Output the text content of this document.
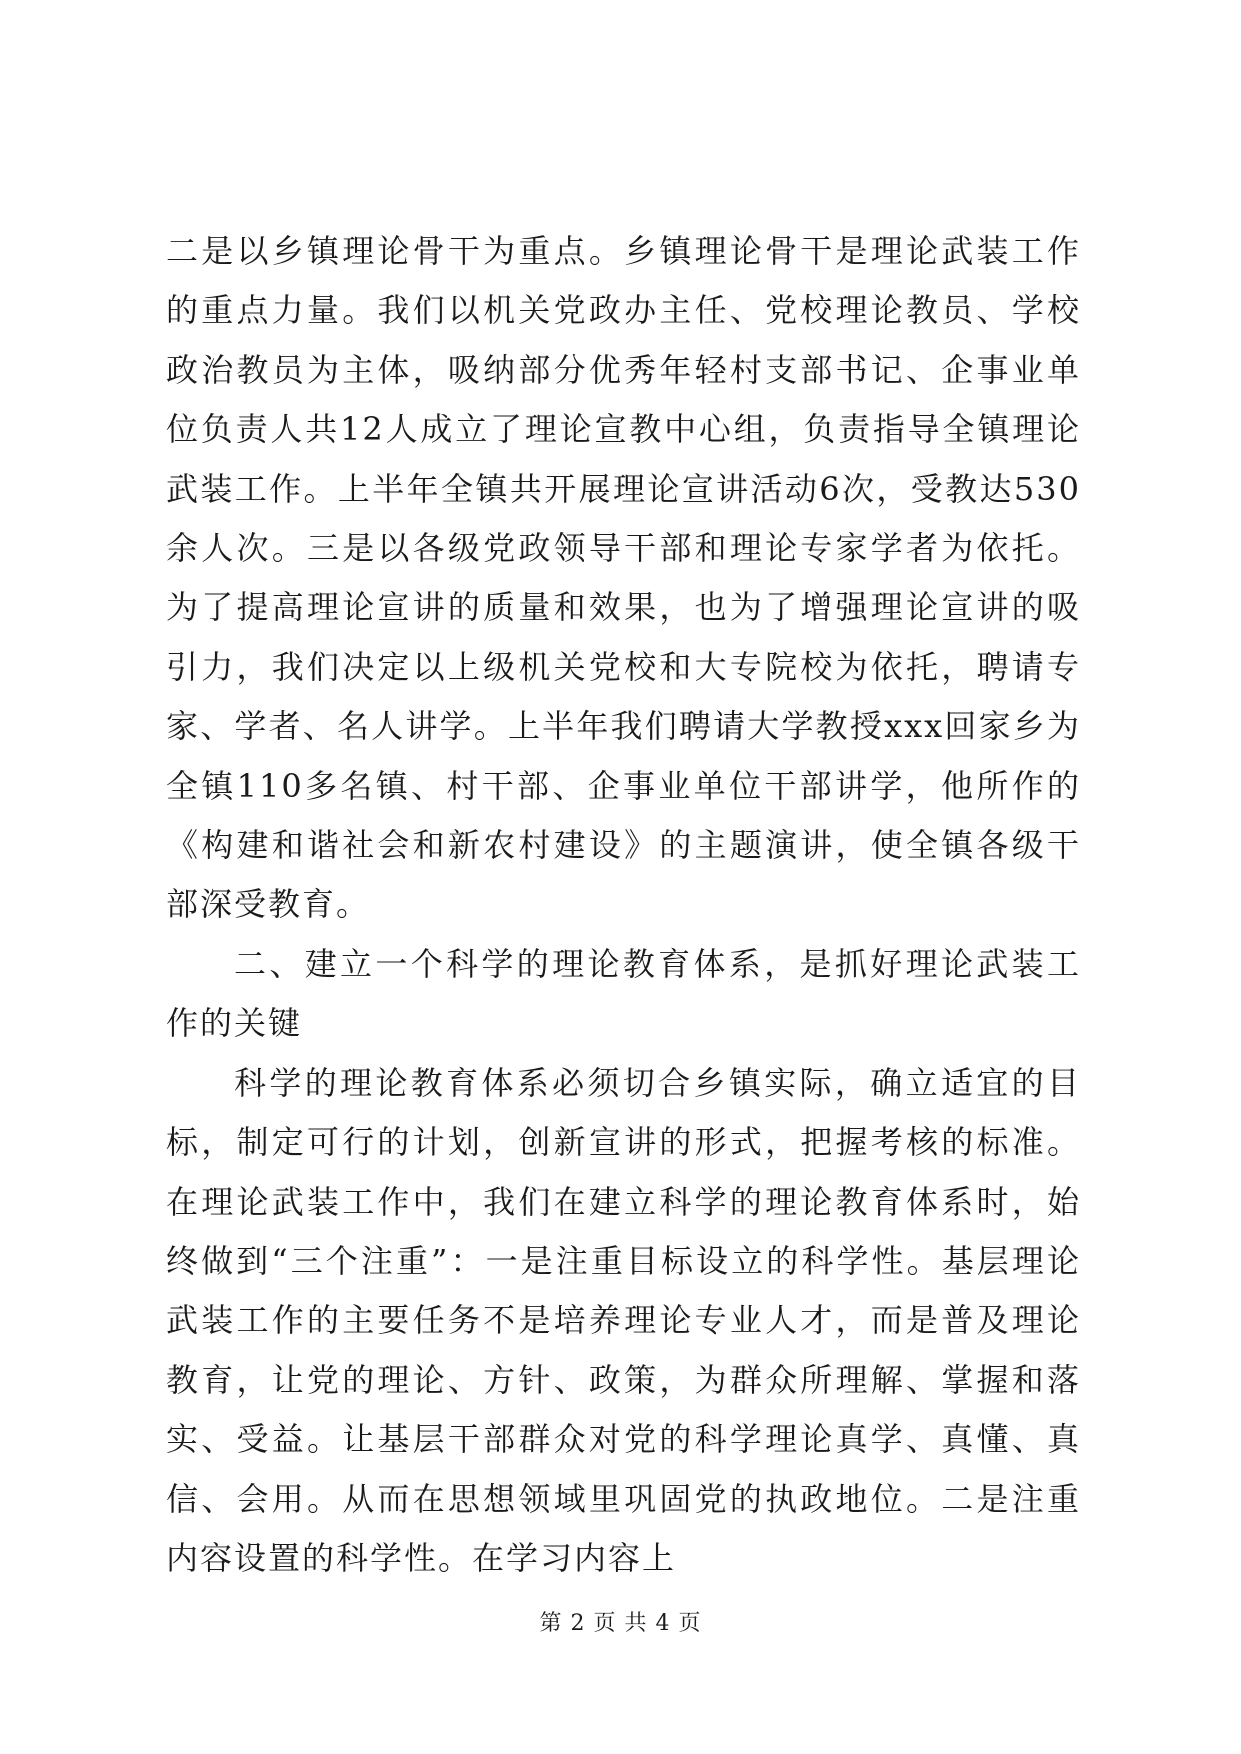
二是以乡镇理论骨干为重点。乡镇理论骨干是理论武装工作的重点力量。我们以机关党政办主任、党校理论教员、学校政治教员为主体，吸纳部分优秀年轻村支部书记、企事业单位负责人共12人成立了理论宣教中心组，负责指导全镇理论武装工作。上半年全镇共开展理论宣讲活动6次，受教达530余人次。三是以各级党政领导干部和理论专家学者为依托。为了提高理论宣讲的质量和效果，也为了增强理论宣讲的吸引力，我们决定以上级机关党校和大专院校为依托，聘请专家、学者、名人讲学。上半年我们聘请大学教授xxx回家乡为全镇110多名镇、村干部、企事业单位干部讲学，他所作的《构建和谐社会和新农村建设》的主题演讲，使全镇各级干部深受教育。

二、建立一个科学的理论教育体系，是抓好理论武装工作的关键

科学的理论教育体系必须切合乡镇实际，确立适宜的目标，制定可行的计划，创新宣讲的形式，把握考核的标准。在理论武装工作中，我们在建立科学的理论教育体系时，始终做到“三个注重”：一是注重目标设立的科学性。基层理论武装工作的主要任务不是培养理论专业人才，而是普及理论教育，让党的理论、方针、政策，为群众所理解、掌握和落实、受益。让基层干部群众对党的科学理论真学、真懂、真信、会用。从而在思想领域里巩固党的执政地位。二是注重内容设置的科学性。在学习内容上

第 2 页 共 4 页
